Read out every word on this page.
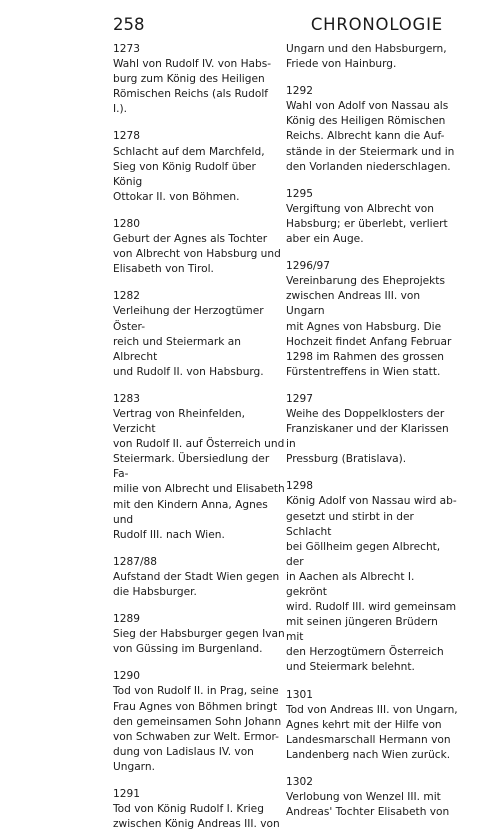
258	CHRONOLOGIE
1273
Wahl von Rudolf IV. von Habs-
burg zum König des Heiligen
Römischen Reichs (als Rudolf I.).
1278
Schlacht auf dem Marchfeld,
Sieg von König Rudolf über König
Ottokar II. von Böhmen.
1280
Geburt der Agnes als Tochter
von Albrecht von Habsburg und
Elisabeth von Tirol.
1282
Verleihung der Herzogtümer Öster-
reich und Steiermark an Albrecht
und Rudolf II. von Habsburg.
1283
Vertrag von Rheinfelden, Verzicht
von Rudolf II. auf Österreich und
Steiermark. Übersiedlung der Fa-
milie von Albrecht und Elisabeth
mit den Kindern Anna, Agnes und
Rudolf III. nach Wien.
1287/88
Aufstand der Stadt Wien gegen
die Habsburger.
1289
Sieg der Habsburger gegen Ivan
von Güssing im Burgenland.
1290
Tod von Rudolf II. in Prag, seine
Frau Agnes von Böhmen bringt
den gemeinsamen Sohn Johann
von Schwaben zur Welt. Ermor-
dung von Ladislaus IV. von
Ungarn.
1291
Tod von König Rudolf I. Krieg
zwischen König Andreas III. von
Ungarn und den Habsburgern,
Friede von Hainburg.
1292
Wahl von Adolf von Nassau als
König des Heiligen Römischen
Reichs. Albrecht kann die Auf-
stände in der Steiermark und in
den Vorlanden niederschlagen.
1295
Vergiftung von Albrecht von
Habsburg; er überlebt, verliert
aber ein Auge.
1296/97
Vereinbarung des Eheprojekts
zwischen Andreas III. von Ungarn
mit Agnes von Habsburg. Die
Hochzeit findet Anfang Februar
1298 im Rahmen des grossen
Fürstentreffens in Wien statt.
1297
Weihe des Doppelklosters der
Franziskaner und der Klarissen in
Pressburg (Bratislava).
1298
König Adolf von Nassau wird ab-
gesetzt und stirbt in der Schlacht
bei Göllheim gegen Albrecht, der
in Aachen als Albrecht I. gekrönt
wird. Rudolf III. wird gemeinsam
mit seinen jüngeren Brüdern mit
den Herzogtümern Österreich
und Steiermark belehnt.
1301
Tod von Andreas III. von Ungarn,
Agnes kehrt mit der Hilfe von
Landesmarschall Hermann von
Landenberg nach Wien zurück.
1302
Verlobung von Wenzel III. mit
Andreas' Tochter Elisabeth von
